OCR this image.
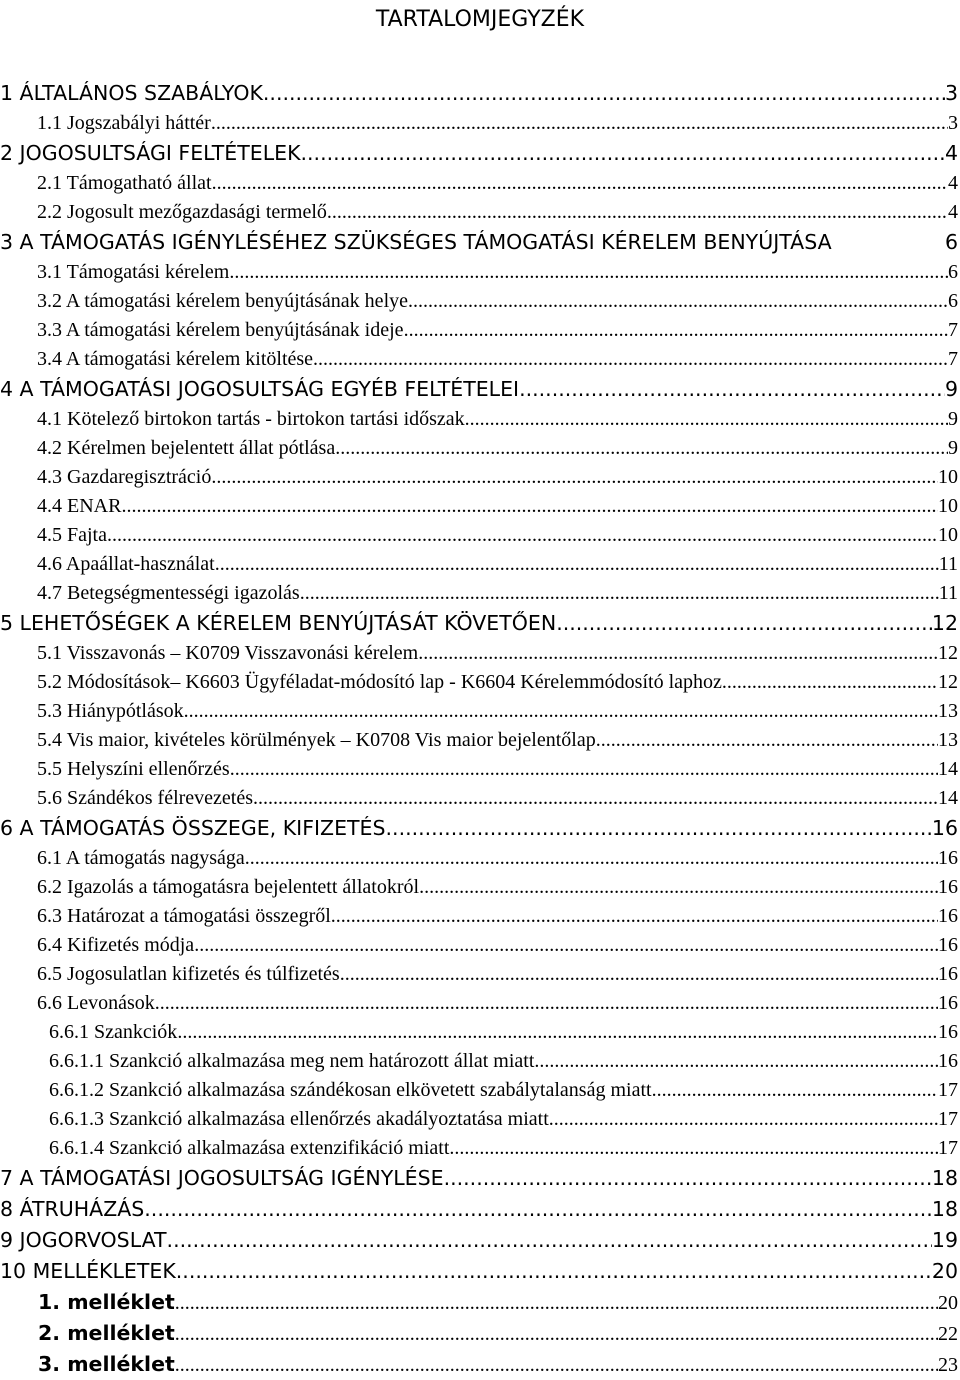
TARTALOMJEGYZÉK
1 ÁLTALÁNOS SZABÁLYOK .....	3
1.1 Jogszabályi háttér .....	3
2 JOGOSULTSÁGI FELTÉTELEK .....	4
2.1 Támogatható állat .....	4
2.2 Jogosult mezőgazdasági termelő .....	4
3 A TÁMOGATÁS IGÉNYLÉSÉHEZ SZÜKSÉGES TÁMOGATÁSI KÉRELEM BENYÚJTÁSA	6
3.1 Támogatási kérelem .....	6
3.2 A támogatási kérelem benyújtásának helye .....	6
3.3 A támogatási kérelem benyújtásának ideje .....	7
3.4 A támogatási kérelem kitöltése .....	7
4 A TÁMOGATÁSI JOGOSULTSÁG EGYÉB FELTÉTELEI .....	9
4.1 Kötelező birtokon tartás - birtokon tartási időszak .....	9
4.2 Kérelmen bejelentett állat pótlása .....	9
4.3 Gazdaregisztráció .....	10
4.4 ENAR .....	10
4.5 Fajta .....	10
4.6 Apaállat-használat .....	11
4.7 Betegségmentességi igazolás .....	11
5 LEHETŐSÉGEK A KÉRELEM BENYÚJTÁSÁT KÖVETŐEN .....	12
5.1 Visszavonás – K0709 Visszavonási kérelem .....	12
5.2 Módosítások– K6603 Ügyféladat-módosító lap - K6604 Kérelemmódosító laphoz .....	12
5.3 Hiánypótlások .....	13
5.4 Vis maior, kivételes körülmények – K0708 Vis maior bejelentőlap .....	13
5.5 Helyszíni ellenőrzés .....	14
5.6 Szándékos félrevezetés .....	14
6 A TÁMOGATÁS ÖSSZEGE, KIFIZETÉS .....	16
6.1 A támogatás nagysága .....	16
6.2 Igazolás a támogatásra bejelentett állatokról .....	16
6.3 Határozat a támogatási összegről .....	16
6.4 Kifizetés módja .....	16
6.5 Jogosulatlan kifizetés és túlfizetés .....	16
6.6 Levonások .....	16
6.6.1 Szankciók .....	16
6.6.1.1 Szankció alkalmazása meg nem határozott állat miatt .....	16
6.6.1.2 Szankció alkalmazása szándékosan elkövetett szabálytalanság miatt .....	17
6.6.1.3 Szankció alkalmazása ellenőrzés akadályoztatása miatt .....	17
6.6.1.4 Szankció alkalmazása extenzifikáció miatt .....	17
7 A TÁMOGATÁSI JOGOSULTSÁG IGÉNYLÉSE .....	18
8 ÁTRUHÁZÁS .....	18
9 JOGORVOSLAT .....	19
10 MELLÉKLETEK .....	20
1. melléklet .....	20
2. melléklet .....	22
3. melléklet .....	23
